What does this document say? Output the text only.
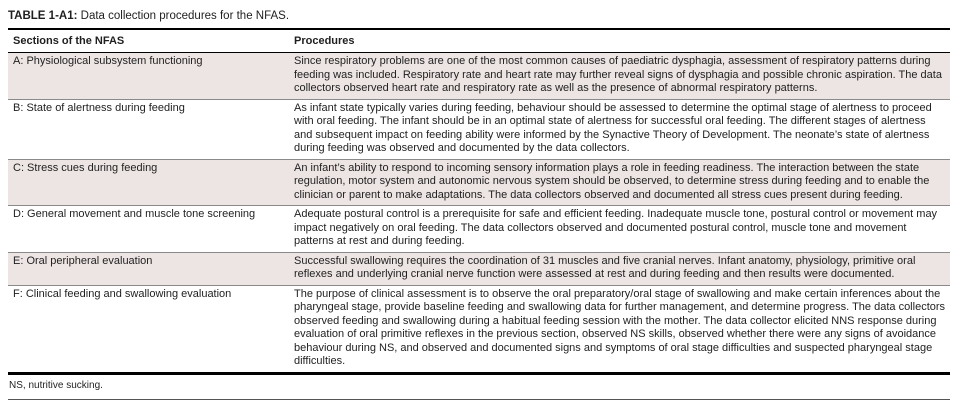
TABLE 1-A1: Data collection procedures for the NFAS.
Sections of the NFAS	Procedures
A: Physiological subsystem functioning	Since respiratory problems are one of the most common causes of paediatric dysphagia, assessment of respiratory patterns during feeding was included. Respiratory rate and heart rate may further reveal signs of dysphagia and possible chronic aspiration. The data collectors observed heart rate and respiratory rate as well as the presence of abnormal respiratory patterns.
B: State of alertness during feeding	As infant state typically varies during feeding, behaviour should be assessed to determine the optimal stage of alertness to proceed with oral feeding. The infant should be in an optimal state of alertness for successful oral feeding. The different stages of alertness and subsequent impact on feeding ability were informed by the Synactive Theory of Development. The neonate’s state of alertness during feeding was observed and documented by the data collectors.
C: Stress cues during feeding	An infant’s ability to respond to incoming sensory information plays a role in feeding readiness. The interaction between the state regulation, motor system and autonomic nervous system should be observed, to determine stress during feeding and to enable the clinician or parent to make adaptations. The data collectors observed and documented all stress cues present during feeding.
D: General movement and muscle tone screening	Adequate postural control is a prerequisite for safe and efficient feeding. Inadequate muscle tone, postural control or movement may impact negatively on oral feeding. The data collectors observed and documented postural control, muscle tone and movement patterns at rest and during feeding.
E: Oral peripheral evaluation	Successful swallowing requires the coordination of 31 muscles and five cranial nerves. Infant anatomy, physiology, primitive oral reflexes and underlying cranial nerve function were assessed at rest and during feeding and then results were documented.
F: Clinical feeding and swallowing evaluation	The purpose of clinical assessment is to observe the oral preparatory/oral stage of swallowing and make certain inferences about the pharyngeal stage, provide baseline feeding and swallowing data for further management, and determine progress. The data collectors observed feeding and swallowing during a habitual feeding session with the mother. The data collector elicited NNS response during evaluation of oral primitive reflexes in the previous section, observed NS skills, observed whether there were any signs of avoidance behaviour during NS, and observed and documented signs and symptoms of oral stage difficulties and suspected pharyngeal stage difficulties.
NS, nutritive sucking.
